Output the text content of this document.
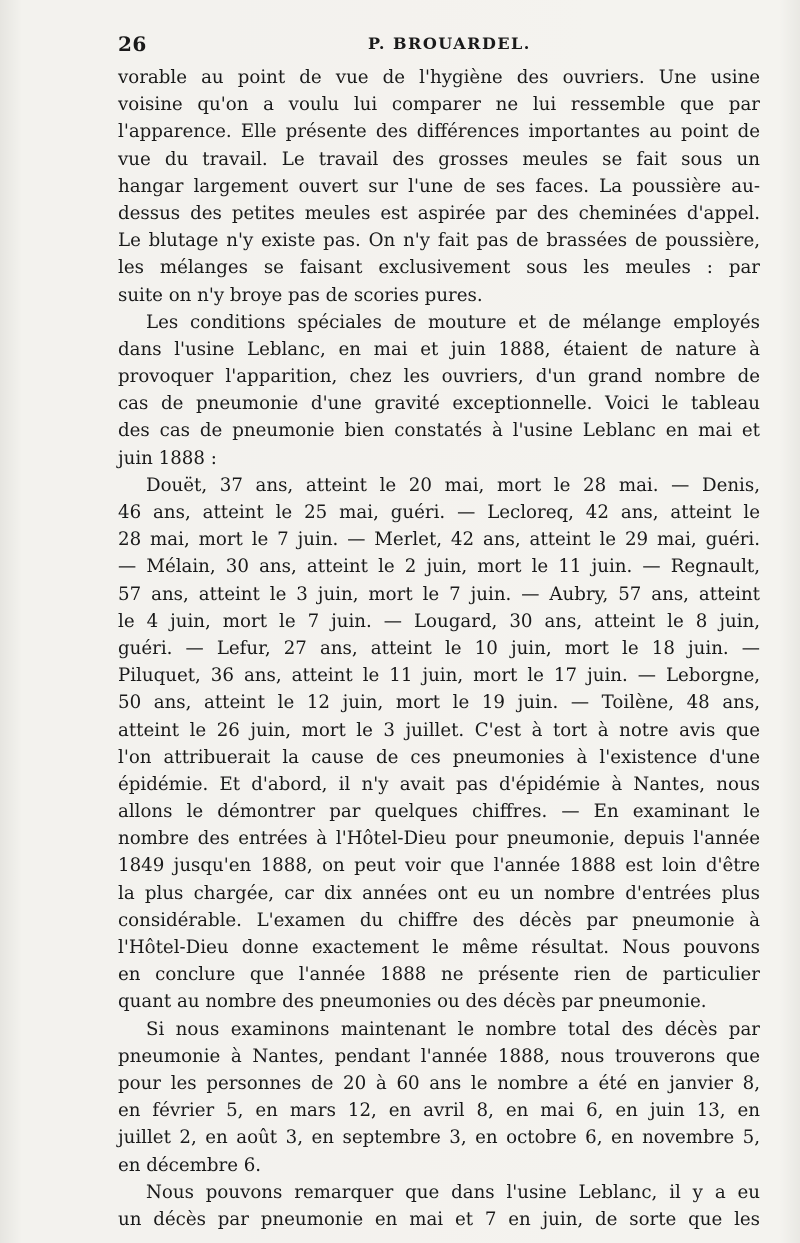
26	P. BROUARDEL.
vorable au point de vue de l'hygiène des ouvriers. Une usine
voisine qu'on a voulu lui comparer ne lui ressemble que par
l'apparence. Elle présente des différences importantes au point de
vue du travail. Le travail des grosses meules se fait sous un
hangar largement ouvert sur l'une de ses faces. La poussière au-
dessus des petites meules est aspirée par des cheminées d'appel.
Le blutage n'y existe pas. On n'y fait pas de brassées de poussière,
les mélanges se faisant exclusivement sous les meules : par
suite on n'y broye pas de scories pures.
Les conditions spéciales de mouture et de mélange employés
dans l'usine Leblanc, en mai et juin 1888, étaient de nature à
provoquer l'apparition, chez les ouvriers, d'un grand nombre de
cas de pneumonie d'une gravité exceptionnelle. Voici le tableau
des cas de pneumonie bien constatés à l'usine Leblanc en mai et
juin 1888 :
Douët, 37 ans, atteint le 20 mai, mort le 28 mai. — Denis,
46 ans, atteint le 25 mai, guéri. — Lecloreq, 42 ans, atteint le
28 mai, mort le 7 juin. — Merlet, 42 ans, atteint le 29 mai, guéri.
— Mélain, 30 ans, atteint le 2 juin, mort le 11 juin. — Regnault,
57 ans, atteint le 3 juin, mort le 7 juin. — Aubry, 57 ans, atteint
le 4 juin, mort le 7 juin. — Lougard, 30 ans, atteint le 8 juin,
guéri. — Lefur, 27 ans, atteint le 10 juin, mort le 18 juin. —
Piluquet, 36 ans, atteint le 11 juin, mort le 17 juin. — Leborgne,
50 ans, atteint le 12 juin, mort le 19 juin. — Toilène, 48 ans,
atteint le 26 juin, mort le 3 juillet. C'est à tort à notre avis que
l'on attribuerait la cause de ces pneumonies à l'existence d'une
épidémie. Et d'abord, il n'y avait pas d'épidémie à Nantes, nous
allons le démontrer par quelques chiffres. — En examinant le
nombre des entrées à l'Hôtel-Dieu pour pneumonie, depuis l'année
1849 jusqu'en 1888, on peut voir que l'année 1888 est loin d'être
la plus chargée, car dix années ont eu un nombre d'entrées plus
considérable. L'examen du chiffre des décès par pneumonie à
l'Hôtel-Dieu donne exactement le même résultat. Nous pouvons
en conclure que l'année 1888 ne présente rien de particulier
quant au nombre des pneumonies ou des décès par pneumonie.
Si nous examinons maintenant le nombre total des décès par
pneumonie à Nantes, pendant l'année 1888, nous trouverons que
pour les personnes de 20 à 60 ans le nombre a été en janvier 8,
en février 5, en mars 12, en avril 8, en mai 6, en juin 13, en
juillet 2, en août 3, en septembre 3, en octobre 6, en novembre 5,
en décembre 6.
Nous pouvons remarquer que dans l'usine Leblanc, il y a eu
un décès par pneumonie en mai et 7 en juin, de sorte que les
